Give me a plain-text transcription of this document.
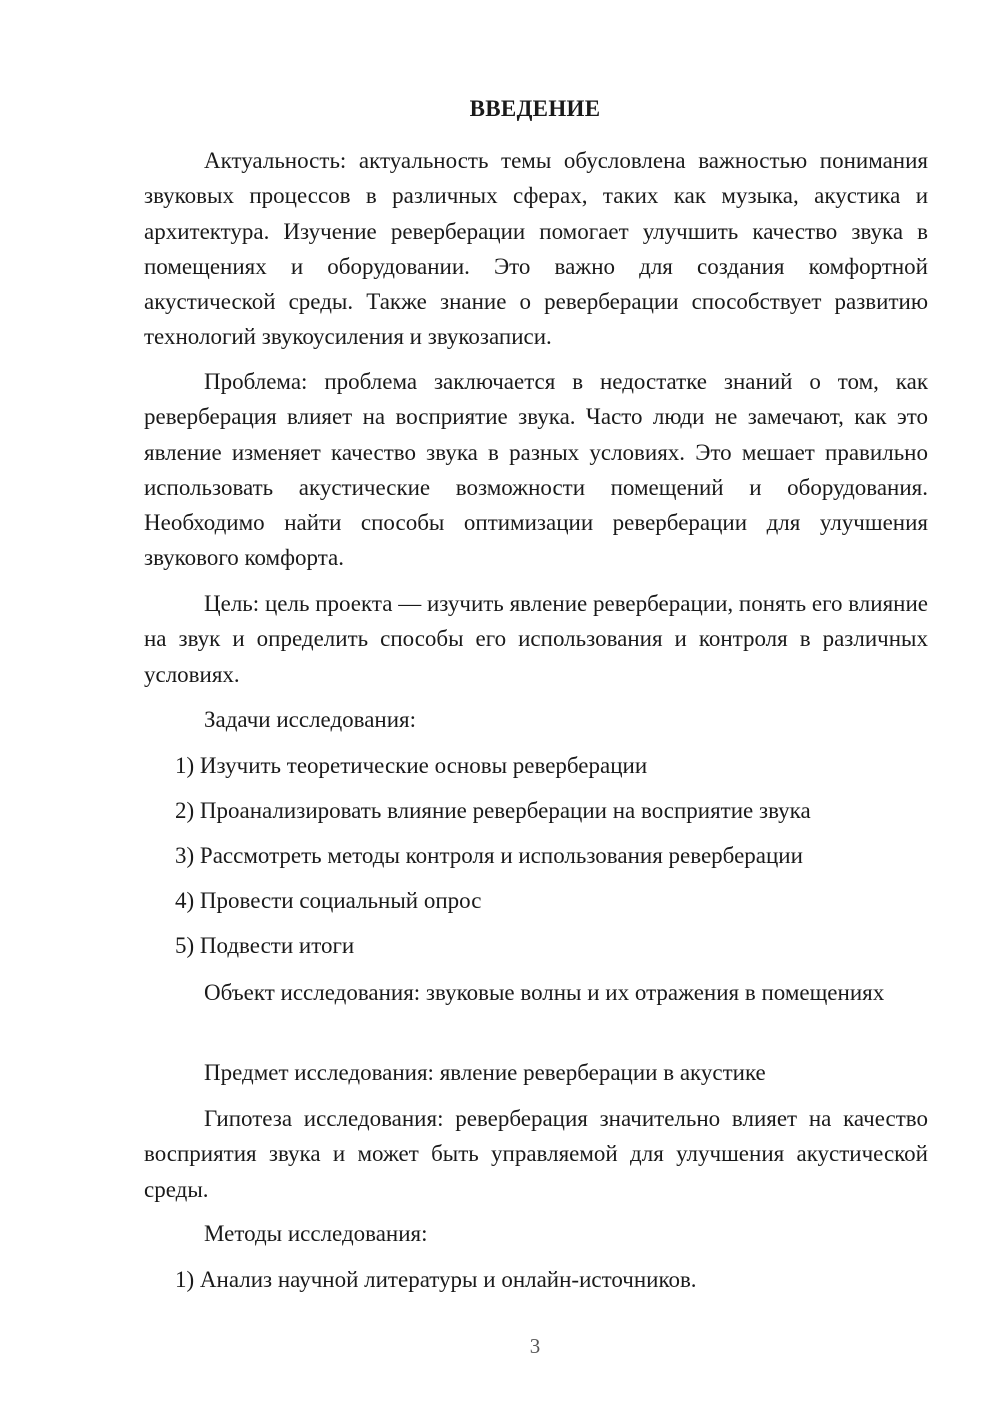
ВВЕДЕНИЕ

Актуальность: актуальность темы обусловлена важностью понимания звуковых процессов в различных сферах, таких как музыка, акустика и архитектура. Изучение реверберации помогает улучшить качество звука в помещениях и оборудовании. Это важно для создания комфортной акустической среды. Также знание о реверберации способствует развитию технологий звукоусиления и звукозаписи.

Проблема: проблема заключается в недостатке знаний о том, как реверберация влияет на восприятие звука. Часто люди не замечают, как это явление изменяет качество звука в разных условиях. Это мешает правильно использовать акустические возможности помещений и оборудования. Необходимо найти способы оптимизации реверберации для улучшения звукового комфорта.

Цель: цель проекта — изучить явление реверберации, понять его влияние на звук и определить способы его использования и контроля в различных условиях.

Задачи исследования:
1) Изучить теоретические основы реверберации
2) Проанализировать влияние реверберации на восприятие звука
3) Рассмотреть методы контроля и использования реверберации
4) Провести социальный опрос
5) Подвести итоги

Объект исследования: звуковые волны и их отражения в помещениях

Предмет исследования: явление реверберации в акустике

Гипотеза исследования: реверберация значительно влияет на качество восприятия звука и может быть управляемой для улучшения акустической среды.

Методы исследования:
1) Анализ научной литературы и онлайн-источников.
3
